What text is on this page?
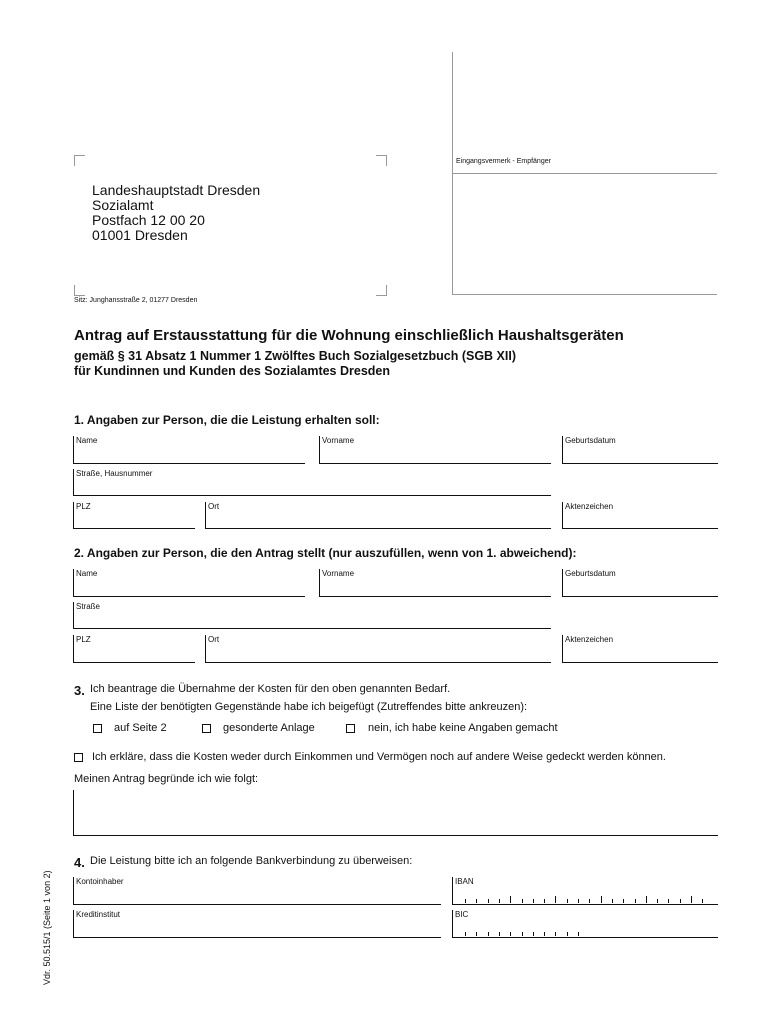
Landeshauptstadt Dresden
Sozialamt
Postfach 12 00 20
01001 Dresden
Sitz: Junghansstraße 2, 01277 Dresden
Eingangsvermerk - Empfänger
Antrag auf Erstausstattung für die Wohnung einschließlich Haushaltsgeräten
gemäß § 31 Absatz 1 Nummer 1 Zwölftes Buch Sozialgesetzbuch (SGB XII)
für Kundinnen und Kunden des Sozialamtes Dresden
1. Angaben zur Person, die die Leistung erhalten soll:
Name	Vorname	Geburtsdatum
Straße, Hausnummer
PLZ	Ort	Aktenzeichen
2. Angaben zur Person, die den Antrag stellt (nur auszufüllen, wenn von 1. abweichend):
Name	Vorname	Geburtsdatum
Straße
PLZ	Ort	Aktenzeichen
3. Ich beantrage die Übernahme der Kosten für den oben genannten Bedarf.
Eine Liste der benötigten Gegenstände habe ich beigefügt (Zutreffendes bitte ankreuzen):
auf Seite 2	gesonderte Anlage	nein, ich habe keine Angaben gemacht
Ich erkläre, dass die Kosten weder durch Einkommen und Vermögen noch auf andere Weise gedeckt werden können.
Meinen Antrag begründe ich wie folgt:
4. Die Leistung bitte ich an folgende Bankverbindung zu überweisen:
Kontoinhaber	IBAN
Kreditinstitut	BIC
Vdr. 50.515/1 (Seite 1 von 2)
